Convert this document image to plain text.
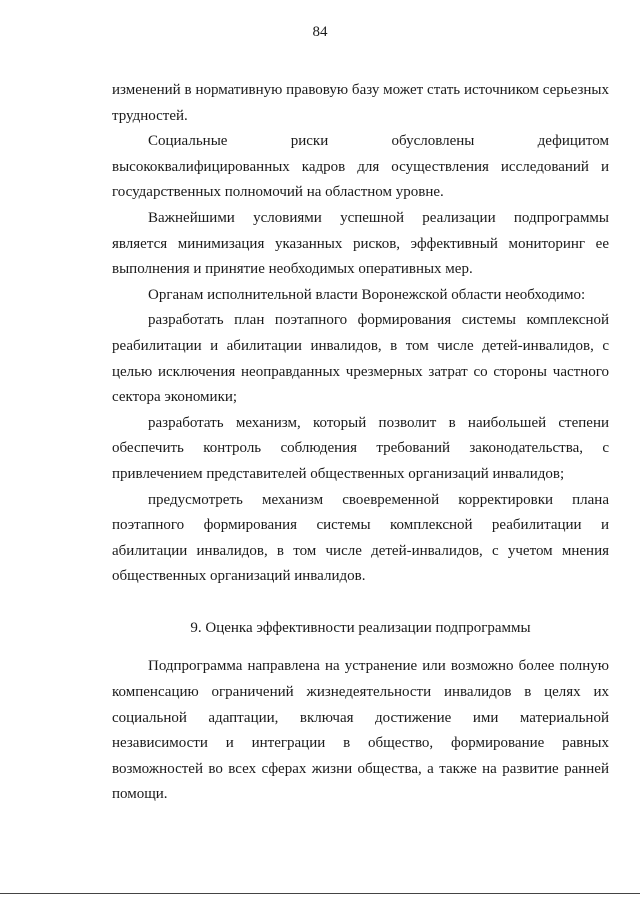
84

изменений в нормативную правовую базу может стать источником серьезных трудностей.

Социальные риски обусловлены дефицитом высококвалифицированных кадров для осуществления исследований и государственных полномочий на областном уровне.

Важнейшими условиями успешной реализации подпрограммы является минимизация указанных рисков, эффективный мониторинг ее выполнения и принятие необходимых оперативных мер.

Органам исполнительной власти Воронежской области необходимо:

разработать план поэтапного формирования системы комплексной реабилитации и абилитации инвалидов, в том числе детей-инвалидов, с целью исключения неоправданных чрезмерных затрат со стороны частного сектора экономики;

разработать механизм, который позволит в наибольшей степени обеспечить контроль соблюдения требований законодательства, с привлечением представителей общественных организаций инвалидов;

предусмотреть механизм своевременной корректировки плана поэтапного формирования системы комплексной реабилитации и абилитации инвалидов, в том числе детей-инвалидов, с учетом мнения общественных организаций инвалидов.

9. Оценка эффективности реализации подпрограммы

Подпрограмма направлена на устранение или возможно более полную компенсацию ограничений жизнедеятельности инвалидов в целях их социальной адаптации, включая достижение ими материальной независимости и интеграции в общество, формирование равных возможностей во всех сферах жизни общества, а также на развитие ранней помощи.
